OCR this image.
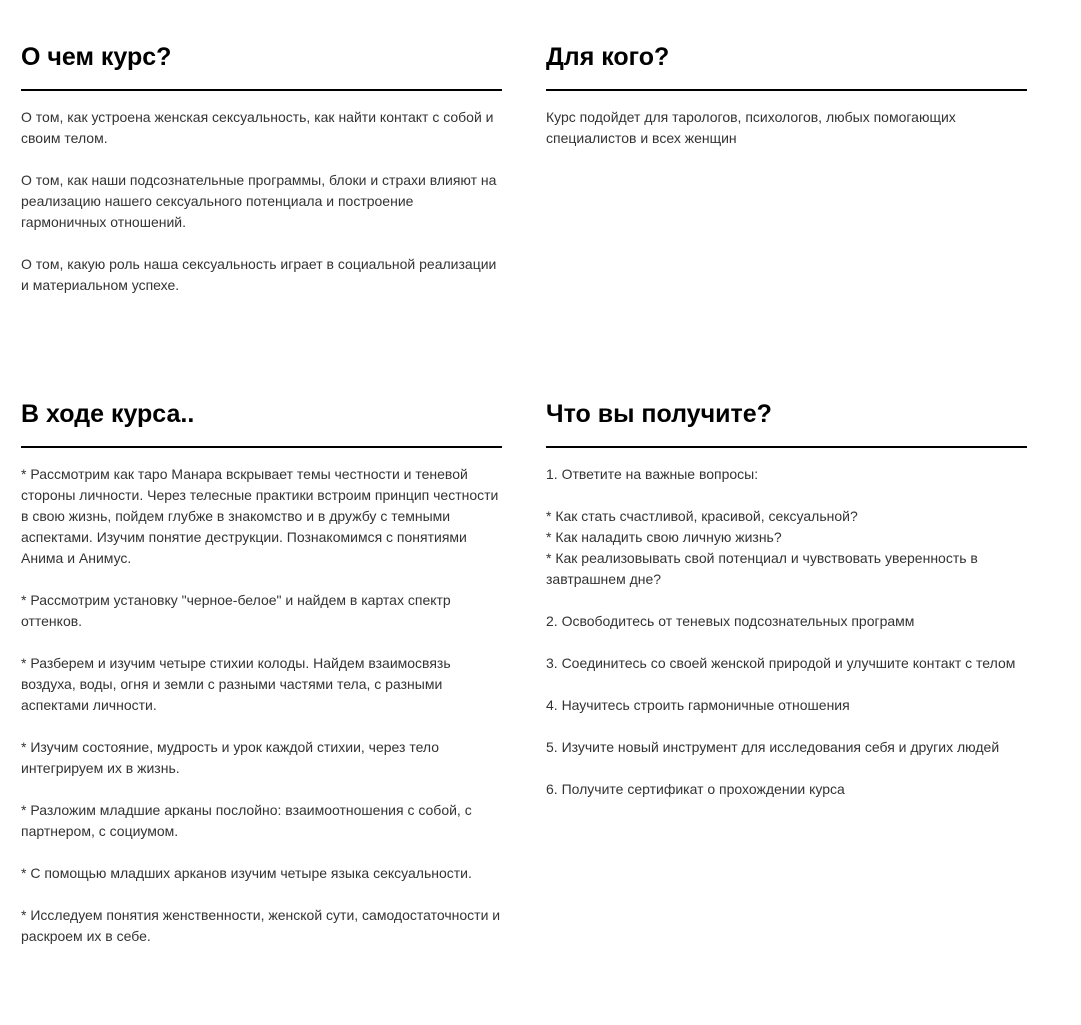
О чем курс?

О том, как устроена женская сексуальность, как найти контакт с собой и своим телом.

О том, как наши подсознательные программы, блоки и страхи влияют на реализацию нашего сексуального потенциала и построение гармоничных отношений.

О том, какую роль наша сексуальность играет в социальной реализации и материальном успехе.

Для кого?

Курс подойдет для тарологов, психологов, любых помогающих специалистов и всех женщин

В ходе курса..

* Рассмотрим как таро Манара вскрывает темы честности и теневой стороны личности. Через телесные практики встроим принцип честности в свою жизнь, пойдем глубже в знакомство и в дружбу с темными аспектами. Изучим понятие деструкции. Познакомимся с понятиями Анима и Анимус.

* Рассмотрим установку "черное-белое" и найдем в картах спектр оттенков.

* Разберем и изучим четыре стихии колоды. Найдем взаимосвязь воздуха, воды, огня и земли с разными частями тела, с разными аспектами личности.

* Изучим состояние, мудрость и урок каждой стихии, через тело интегрируем их в жизнь.

* Разложим младшие арканы послойно: взаимоотношения с собой, с партнером, с социумом.

* С помощью младших арканов изучим четыре языка сексуальности.

* Исследуем понятия женственности, женской сути, самодостаточности и раскроем их в себе.

Что вы получите?

1. Ответите на важные вопросы:

* Как стать счастливой, красивой, сексуальной?
* Как наладить свою личную жизнь?
* Как реализовывать свой потенциал и чувствовать уверенность в завтрашнем дне?

2. Освободитесь от теневых подсознательных программ

3. Соединитесь со своей женской природой и улучшите контакт с телом

4. Научитесь строить гармоничные отношения

5. Изучите новый инструмент для исследования себя и других людей

6. Получите сертификат о прохождении курса
